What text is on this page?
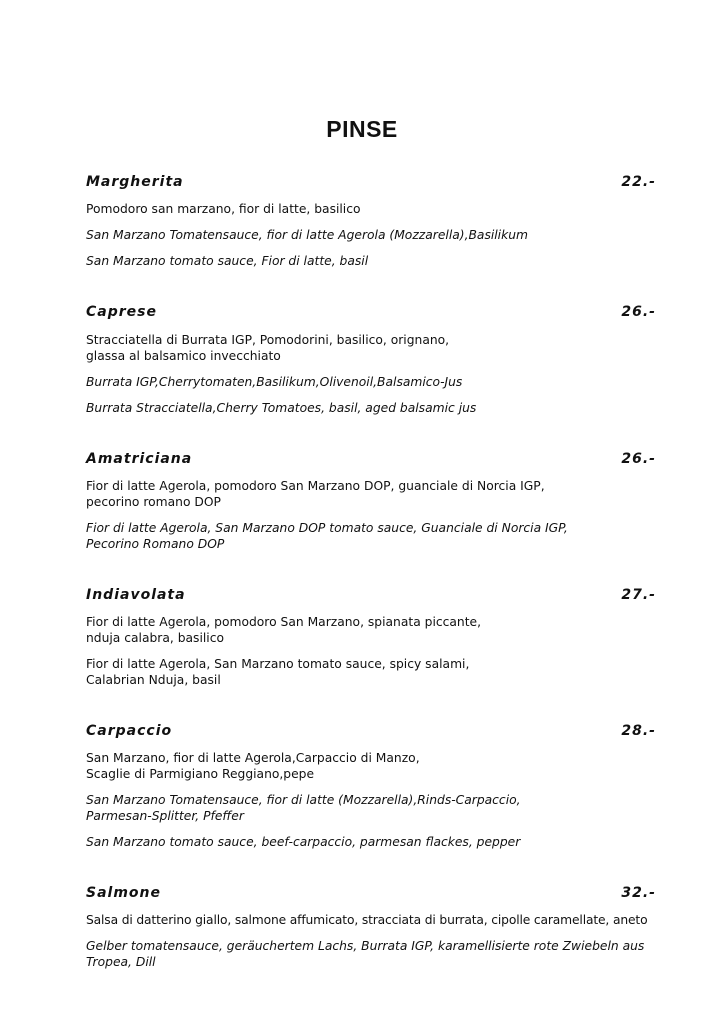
PINSE
Margherita	22.-
Pomodoro san marzano, fior di latte, basilico
San Marzano Tomatensauce, fior di latte Agerola (Mozzarella),Basilikum
San Marzano tomato sauce, Fior di latte, basil
Caprese	26.-
Stracciatella di Burrata IGP, Pomodorini, basilico, orignano,
glassa al balsamico invecchiato
Burrata IGP,Cherrytomaten,Basilikum,Olivenoil,Balsamico-Jus
Burrata Stracciatella,Cherry Tomatoes, basil, aged balsamic jus
Amatriciana	26.-
Fior di latte Agerola, pomodoro San Marzano DOP, guanciale di Norcia IGP,
pecorino romano DOP
Fior di latte Agerola, San Marzano DOP tomato sauce, Guanciale di Norcia IGP,
Pecorino Romano DOP
Indiavolata	27.-
Fior di latte Agerola, pomodoro San Marzano, spianata piccante,
nduja calabra, basilico
Fior di latte Agerola, San Marzano tomato sauce, spicy salami,
Calabrian Nduja, basil
Carpaccio	28.-
San Marzano, fior di latte Agerola,Carpaccio di Manzo,
Scaglie di Parmigiano Reggiano,pepe
San Marzano Tomatensauce, fior di latte (Mozzarella),Rinds-Carpaccio,
Parmesan-Splitter, Pfeffer
San Marzano tomato sauce, beef-carpaccio, parmesan flackes, pepper
Salmone	32.-
Salsa di datterino giallo, salmone affumicato, stracciata di burrata, cipolle caramellate, aneto
Gelber tomatensauce, geräuchertem Lachs, Burrata IGP, karamellisierte rote Zwiebeln aus
Tropea, Dill
